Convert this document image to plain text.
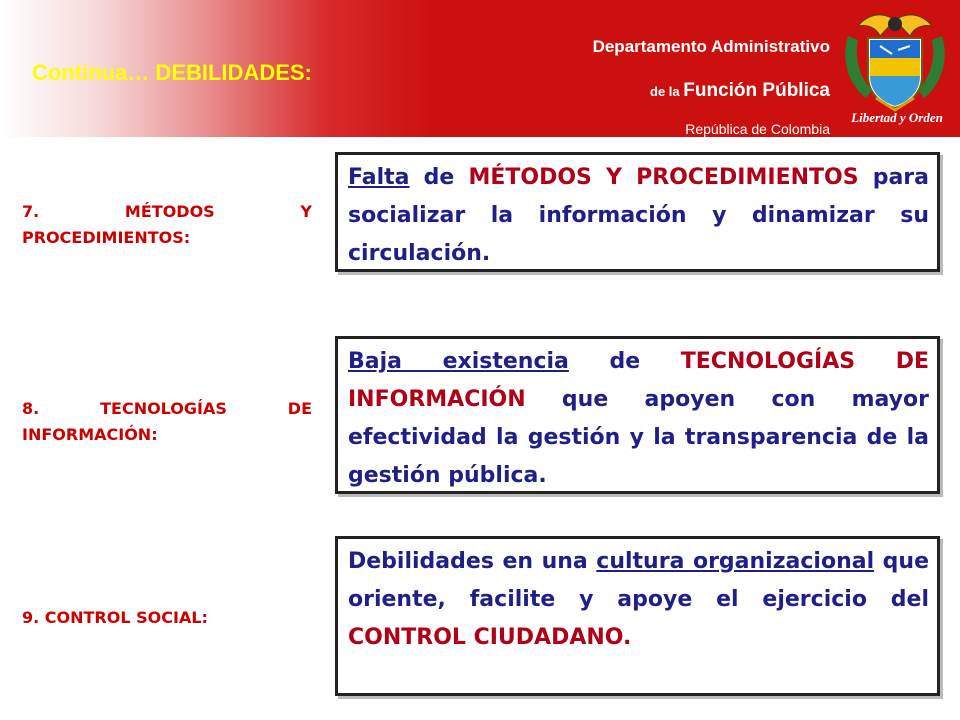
Continua… DEBILIDADES:
Departamento Administrativo
de la Función Pública
República de Colombia
Libertad y Orden
7. MÉTODOS Y PROCEDIMIENTOS:
Falta de MÉTODOS Y PROCEDIMIENTOS para socializar la información y dinamizar su circulación.
8. TECNOLOGÍAS DE INFORMACIÓN:
Baja existencia de TECNOLOGÍAS DE INFORMACIÓN que apoyen con mayor efectividad la gestión y la transparencia de la gestión pública.
9. CONTROL SOCIAL:
Debilidades en una cultura organizacional que oriente, facilite y apoye el ejercicio del CONTROL CIUDADANO.
